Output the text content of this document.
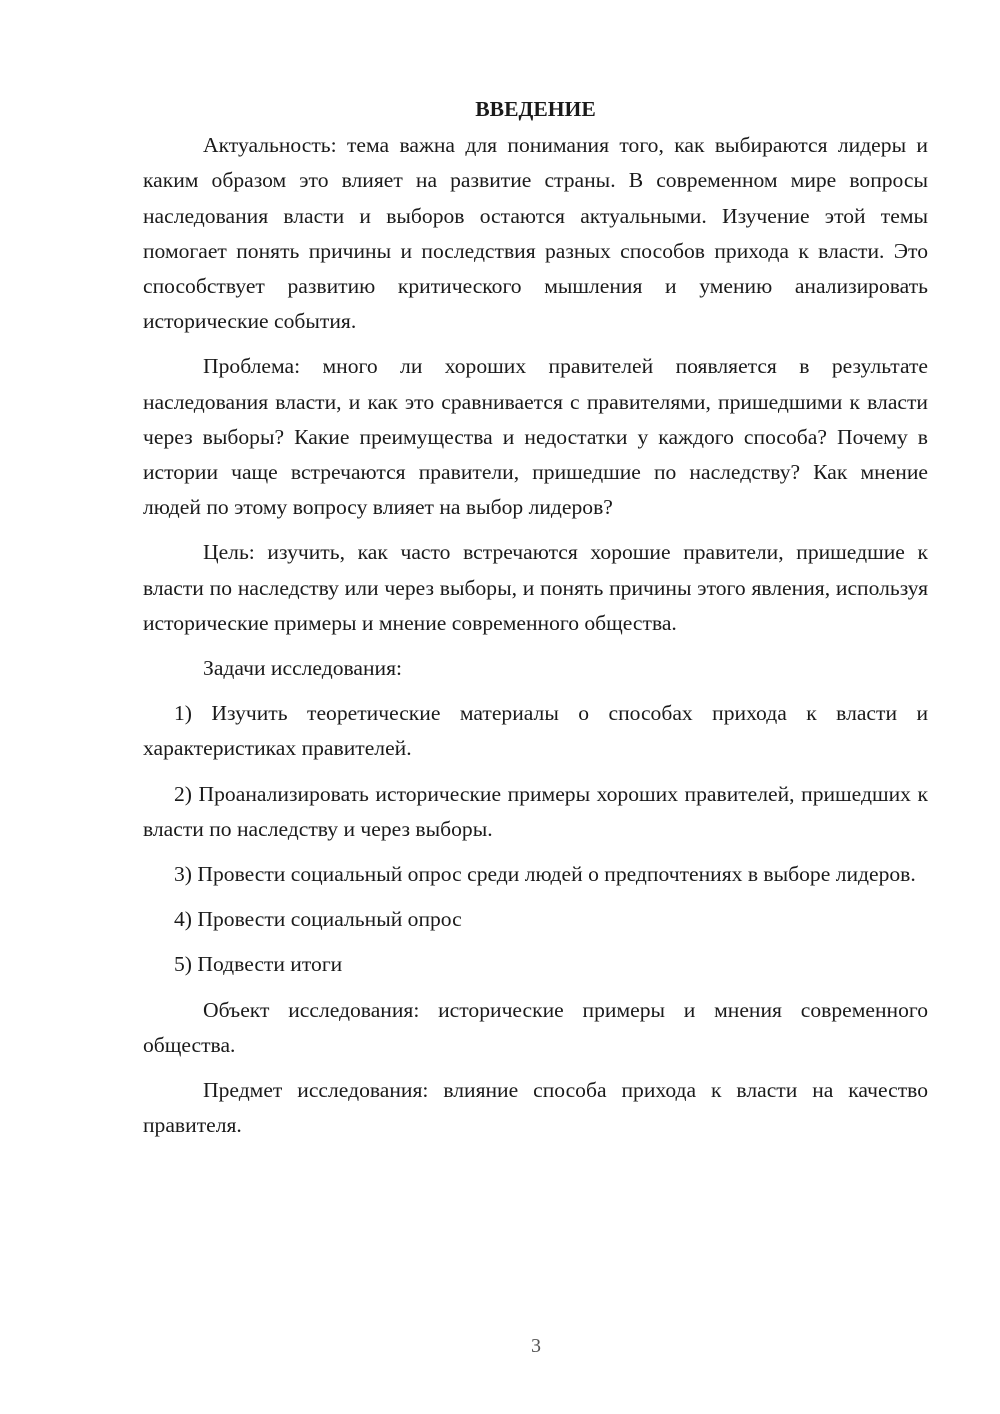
ВВЕДЕНИЕ

Актуальность: тема важна для понимания того, как выбираются лидеры и каким образом это влияет на развитие страны. В современном мире вопросы наследования власти и выборов остаются актуальными. Изучение этой темы помогает понять причины и последствия разных способов прихода к власти. Это способствует развитию критического мышления и умению анализировать исторические события.

Проблема: много ли хороших правителей появляется в результате наследования власти, и как это сравнивается с правителями, пришедшими к власти через выборы? Какие преимущества и недостатки у каждого способа? Почему в истории чаще встречаются правители, пришедшие по наследству? Как мнение людей по этому вопросу влияет на выбор лидеров?

Цель: изучить, как часто встречаются хорошие правители, пришедшие к власти по наследству или через выборы, и понять причины этого явления, используя исторические примеры и мнение современного общества.

Задачи исследования:

1) Изучить теоретические материалы о способах прихода к власти и характеристиках правителей.

2) Проанализировать исторические примеры хороших правителей, пришедших к власти по наследству и через выборы.

3) Провести социальный опрос среди людей о предпочтениях в выборе лидеров.

4) Провести социальный опрос

5) Подвести итоги

Объект исследования: исторические примеры и мнения современного общества.

Предмет исследования: влияние способа прихода к власти на качество правителя.

3
